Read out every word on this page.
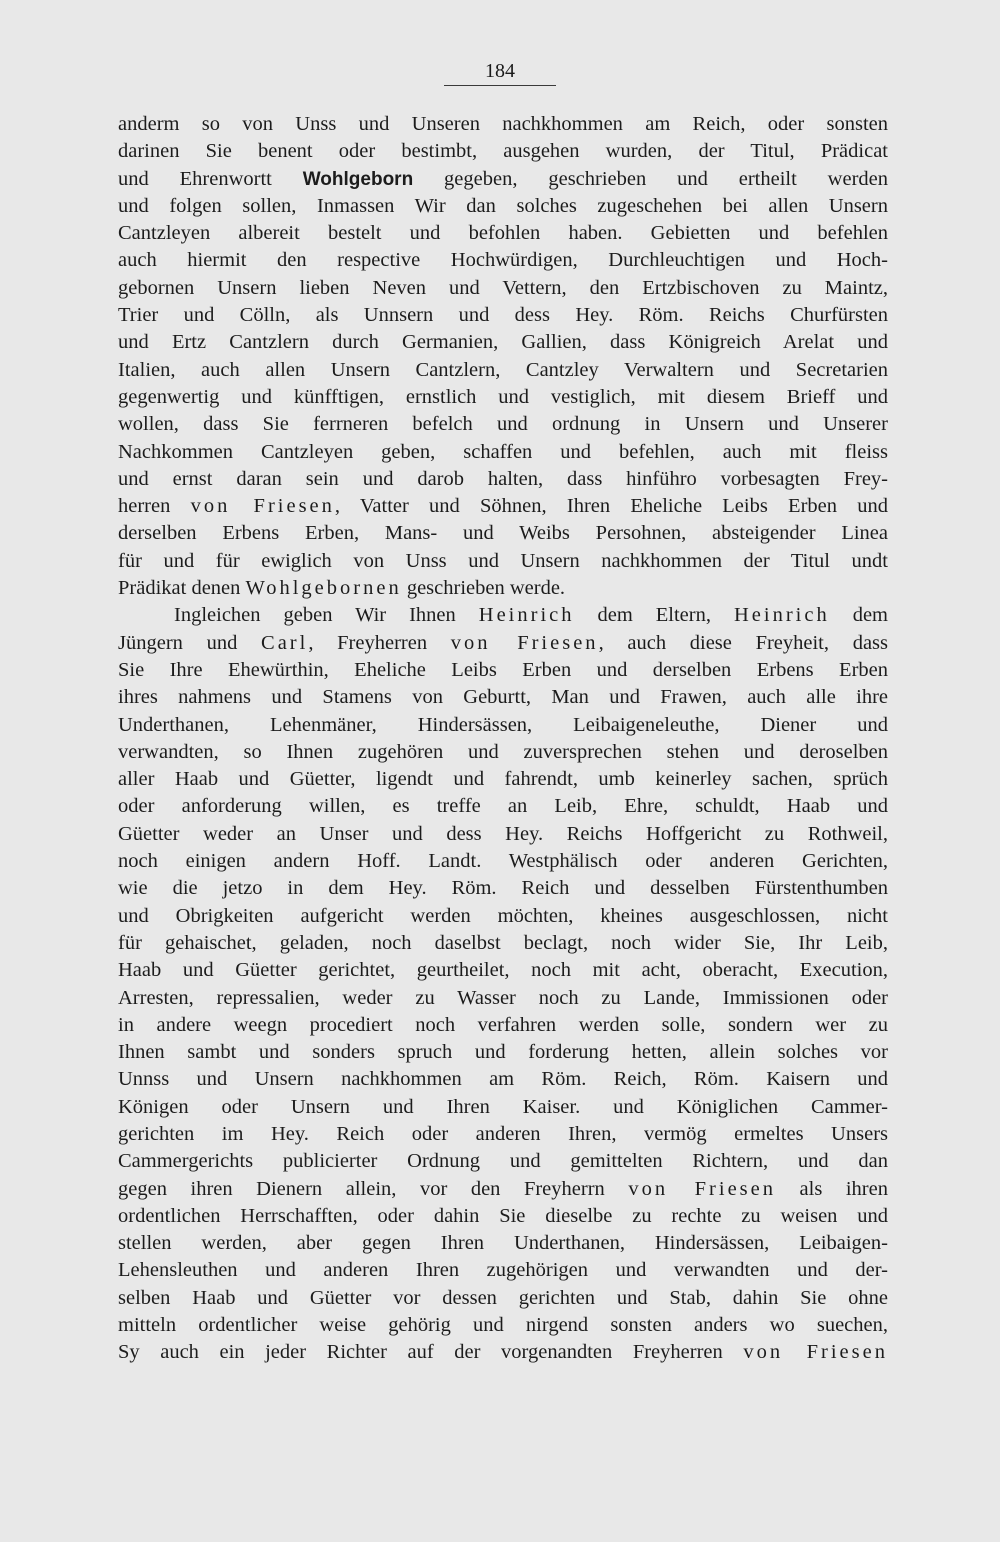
184
anderm so von Unss und Unseren nachkhommen am Reich, oder sonsten
darinen Sie benent oder bestimbt, ausgehen wurden, der Titul, Prädicat
und Ehrenwortt Wohlgeborn gegeben, geschrieben und ertheilt werden
und folgen sollen, Inmassen Wir dan solches zugeschehen bei allen Unsern
Cantzleyen albereit bestelt und befohlen haben. Gebietten und befehlen
auch hiermit den respective Hochwürdigen, Durchleuchtigen und Hoch-
gebornen Unsern lieben Neven und Vettern, den Ertzbischoven zu Maintz,
Trier und Cölln, als Unnsern und dess Hey. Röm. Reichs Churfürsten
und Ertz Cantzlern durch Germanien, Gallien, dass Königreich Arelat und
Italien, auch allen Unsern Cantzlern, Cantzley Verwaltern und Secretarien
gegenwertig und künfftigen, ernstlich und vestiglich, mit diesem Brieff und
wollen, dass Sie ferrneren befelch und ordnung in Unsern und Unserer
Nachkommen Cantzleyen geben, schaffen und befehlen, auch mit fleiss
und ernst daran sein und darob halten, dass hinführo vorbesagten Frey-
herren von Friesen, Vatter und Söhnen, Ihren Eheliche Leibs Erben und
derselben Erbens Erben, Mans- und Weibs Persohnen, absteigender Linea
für und für ewiglich von Unss und Unsern nachkhommen der Titul undt
Prädikat denen Wohlgebornen geschrieben werde.
Ingleichen geben Wir Ihnen Heinrich dem Eltern, Heinrich dem
Jüngern und Carl, Freyherren von Friesen, auch diese Freyheit, dass
Sie Ihre Ehewürthin, Eheliche Leibs Erben und derselben Erbens Erben
ihres nahmens und Stamens von Geburtt, Man und Frawen, auch alle ihre
Underthanen, Lehenmäner, Hindersässen, Leibaigeneleuthe, Diener und
verwandten, so Ihnen zugehören und zuversprechen stehen und deroselben
aller Haab und Güetter, ligendt und fahrendt, umb keinerley sachen, sprüch
oder anforderung willen, es treffe an Leib, Ehre, schuldt, Haab und
Güetter weder an Unser und dess Hey. Reichs Hoffgericht zu Rothweil,
noch einigen andern Hoff. Landt. Westphälisch oder anderen Gerichten,
wie die jetzo in dem Hey. Röm. Reich und desselben Fürstenthumben
und Obrigkeiten aufgericht werden möchten, kheines ausgeschlossen, nicht
für gehaischet, geladen, noch daselbst beclagt, noch wider Sie, Ihr Leib,
Haab und Güetter gerichtet, geurtheilet, noch mit acht, oberacht, Execution,
Arresten, repressalien, weder zu Wasser noch zu Lande, Immissionen oder
in andere weegn procediert noch verfahren werden solle, sondern wer zu
Ihnen sambt und sonders spruch und forderung hetten, allein solches vor
Unnss und Unsern nachkhommen am Röm. Reich, Röm. Kaisern und
Königen oder Unsern und Ihren Kaiser. und Königlichen Cammer-
gerichten im Hey. Reich oder anderen Ihren, vermög ermeltes Unsers
Cammergerichts publicierter Ordnung und gemittelten Richtern, und dan
gegen ihren Dienern allein, vor den Freyherrn von Friesen als ihren
ordentlichen Herrschafften, oder dahin Sie dieselbe zu rechte zu weisen und
stellen werden, aber gegen Ihren Underthanen, Hindersässen, Leibaigen-
Lehensleuthen und anderen Ihren zugehörigen und verwandten und der-
selben Haab und Güetter vor dessen gerichten und Stab, dahin Sie ohne
mitteln ordentlicher weise gehörig und nirgend sonsten anders wo suechen,
Sy auch ein jeder Richter auf der vorgenandten Freyherren von Friesen
